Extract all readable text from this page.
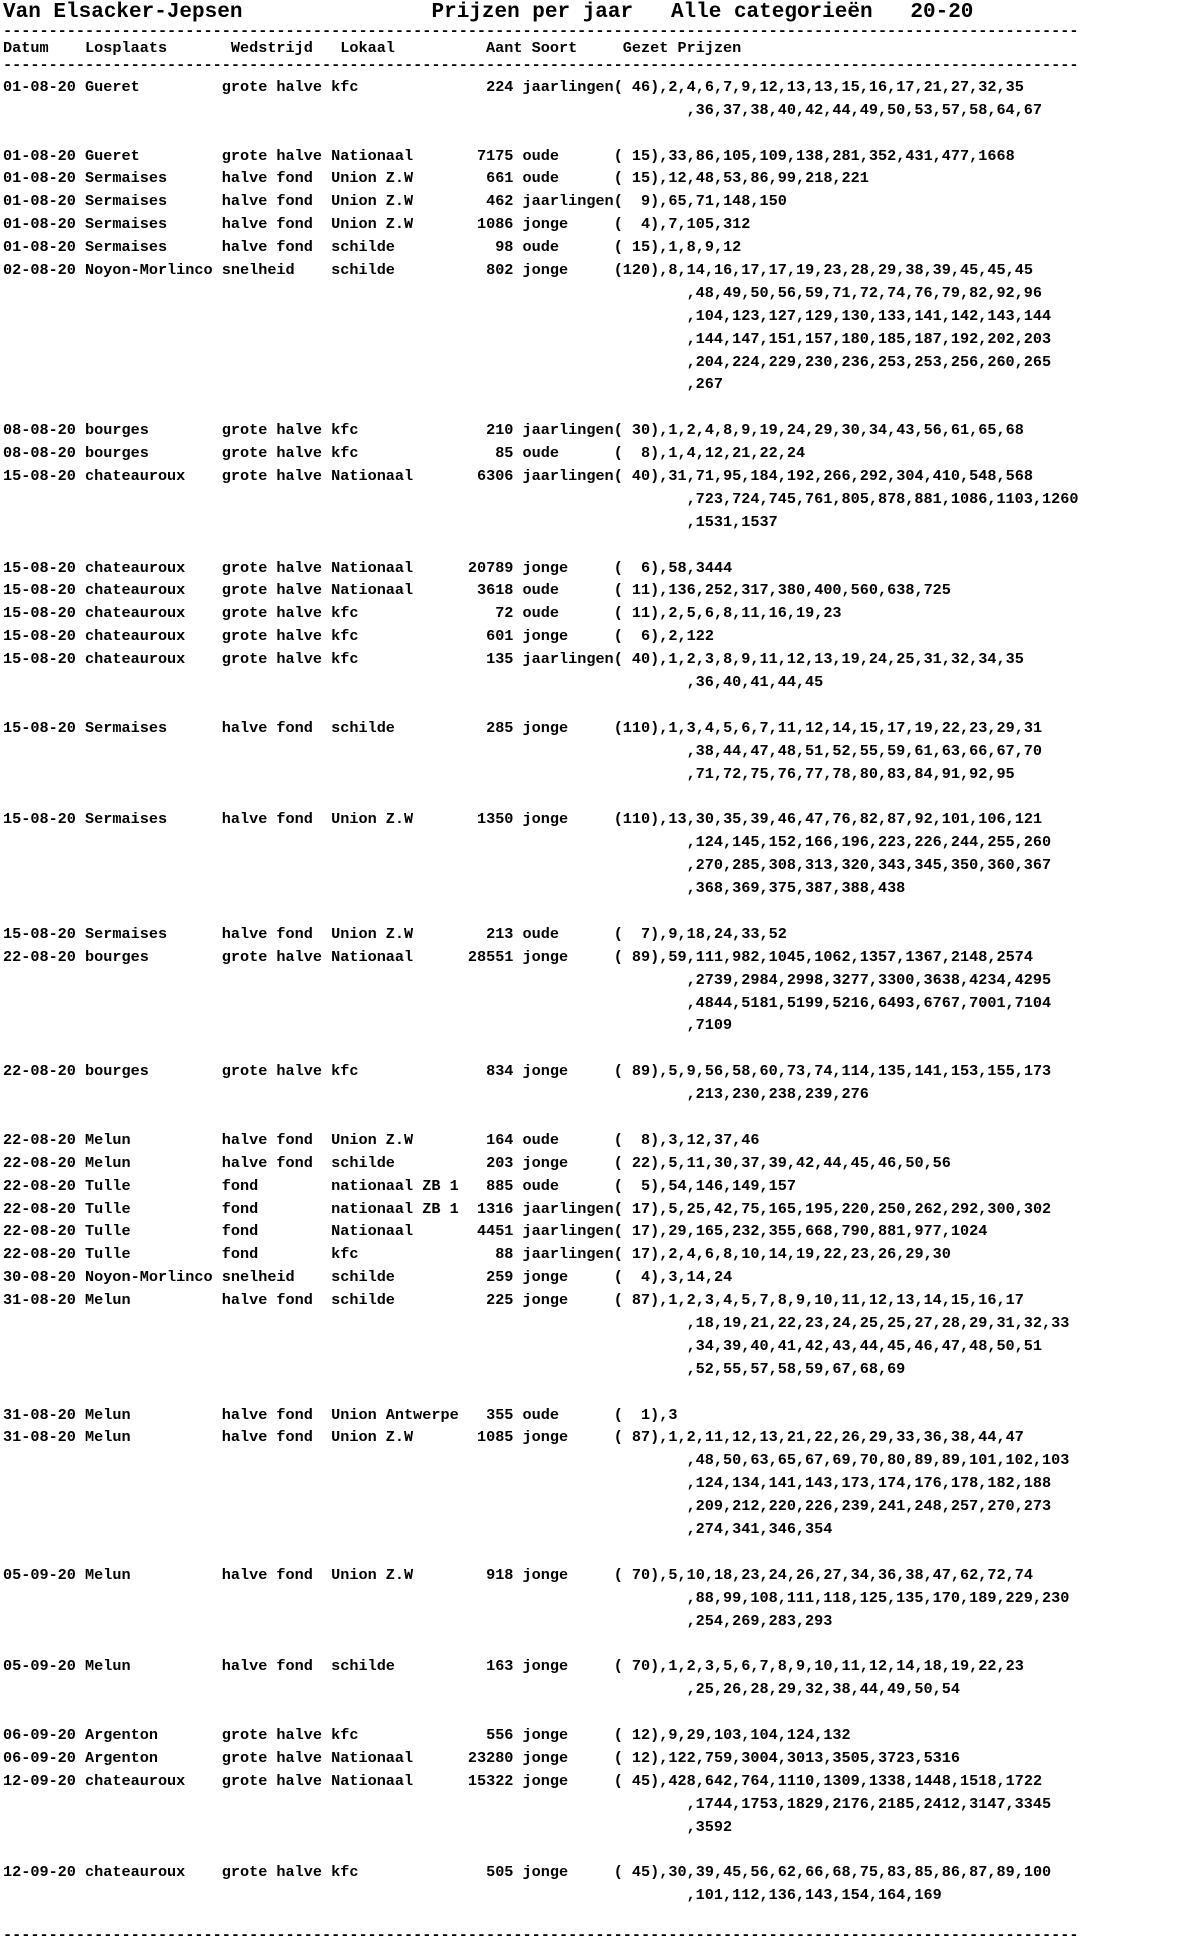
Van Elsacker-Jepsen	Prijzen per jaar Alle categorieën 20-20
----------------------------------------------------------------------------------------------------------------------
Datum    Losplaats       Wedstrijd   Lokaal          Aant Soort     Gezet Prijzen
----------------------------------------------------------------------------------------------------------------------
01-08-20 Gueret         grote halve kfc              224 jaarlingen( 46),2,4,6,7,9,12,13,13,15,16,17,21,27,32,35
,36,37,38,40,42,44,49,50,53,57,58,64,67
01-08-20 Gueret         grote halve Nationaal       7175 oude      ( 15),33,86,105,109,138,281,352,431,477,1668
01-08-20 Sermaises      halve fond  Union Z.W        661 oude      ( 15),12,48,53,86,99,218,221
01-08-20 Sermaises      halve fond  Union Z.W        462 jaarlingen(  9),65,71,148,150
01-08-20 Sermaises      halve fond  Union Z.W       1086 jonge     (  4),7,105,312
01-08-20 Sermaises      halve fond  schilde           98 oude      ( 15),1,8,9,12
02-08-20 Noyon-Morlinco snelheid    schilde          802 jonge     (120),8,14,16,17,17,19,23,28,29,38,39,45,45,45
,48,49,50,56,59,71,72,74,76,79,82,92,96
,104,123,127,129,130,133,141,142,143,144
,144,147,151,157,180,185,187,192,202,203
,204,224,229,230,236,253,253,256,260,265
,267
08-08-20 bourges        grote halve kfc              210 jaarlingen( 30),1,2,4,8,9,19,24,29,30,34,43,56,61,65,68
08-08-20 bourges        grote halve kfc               85 oude      (  8),1,4,12,21,22,24
15-08-20 chateauroux    grote halve Nationaal       6306 jaarlingen( 40),31,71,95,184,192,266,292,304,410,548,568
,723,724,745,761,805,878,881,1086,1103,1260
,1531,1537
15-08-20 chateauroux    grote halve Nationaal      20789 jonge     (  6),58,3444
15-08-20 chateauroux    grote halve Nationaal       3618 oude      ( 11),136,252,317,380,400,560,638,725
15-08-20 chateauroux    grote halve kfc               72 oude      ( 11),2,5,6,8,11,16,19,23
15-08-20 chateauroux    grote halve kfc              601 jonge     (  6),2,122
15-08-20 chateauroux    grote halve kfc              135 jaarlingen( 40),1,2,3,8,9,11,12,13,19,24,25,31,32,34,35
,36,40,41,44,45
15-08-20 Sermaises      halve fond  schilde          285 jonge     (110),1,3,4,5,6,7,11,12,14,15,17,19,22,23,29,31
,38,44,47,48,51,52,55,59,61,63,66,67,70
,71,72,75,76,77,78,80,83,84,91,92,95
15-08-20 Sermaises      halve fond  Union Z.W       1350 jonge     (110),13,30,35,39,46,47,76,82,87,92,101,106,121
,124,145,152,166,196,223,226,244,255,260
,270,285,308,313,320,343,345,350,360,367
,368,369,375,387,388,438
15-08-20 Sermaises      halve fond  Union Z.W        213 oude      (  7),9,18,24,33,52
22-08-20 bourges        grote halve Nationaal      28551 jonge     ( 89),59,111,982,1045,1062,1357,1367,2148,2574
,2739,2984,2998,3277,3300,3638,4234,4295
,4844,5181,5199,5216,6493,6767,7001,7104
,7109
22-08-20 bourges        grote halve kfc              834 jonge     ( 89),5,9,56,58,60,73,74,114,135,141,153,155,173
,213,230,238,239,276
22-08-20 Melun          halve fond  Union Z.W        164 oude      (  8),3,12,37,46
22-08-20 Melun          halve fond  schilde          203 jonge     ( 22),5,11,30,37,39,42,44,45,46,50,56
22-08-20 Tulle          fond        nationaal ZB 1   885 oude      (  5),54,146,149,157
22-08-20 Tulle          fond        nationaal ZB 1  1316 jaarlingen( 17),5,25,42,75,165,195,220,250,262,292,300,302
22-08-20 Tulle          fond        Nationaal       4451 jaarlingen( 17),29,165,232,355,668,790,881,977,1024
22-08-20 Tulle          fond        kfc               88 jaarlingen( 17),2,4,6,8,10,14,19,22,23,26,29,30
30-08-20 Noyon-Morlinco snelheid    schilde          259 jonge     (  4),3,14,24
31-08-20 Melun          halve fond  schilde          225 jonge     ( 87),1,2,3,4,5,7,8,9,10,11,12,13,14,15,16,17
,18,19,21,22,23,24,25,25,27,28,29,31,32,33
,34,39,40,41,42,43,44,45,46,47,48,50,51
,52,55,57,58,59,67,68,69
31-08-20 Melun          halve fond  Union Antwerpe   355 oude      (  1),3
31-08-20 Melun          halve fond  Union Z.W       1085 jonge     ( 87),1,2,11,12,13,21,22,26,29,33,36,38,44,47
,48,50,63,65,67,69,70,80,89,89,101,102,103
,124,134,141,143,173,174,176,178,182,188
,209,212,220,226,239,241,248,257,270,273
,274,341,346,354
05-09-20 Melun          halve fond  Union Z.W        918 jonge     ( 70),5,10,18,23,24,26,27,34,36,38,47,62,72,74
,88,99,108,111,118,125,135,170,189,229,230
,254,269,283,293
05-09-20 Melun          halve fond  schilde          163 jonge     ( 70),1,2,3,5,6,7,8,9,10,11,12,14,18,19,22,23
,25,26,28,29,32,38,44,49,50,54
06-09-20 Argenton       grote halve kfc              556 jonge     ( 12),9,29,103,104,124,132
06-09-20 Argenton       grote halve Nationaal      23280 jonge     ( 12),122,759,3004,3013,3505,3723,5316
12-09-20 chateauroux    grote halve Nationaal      15322 jonge     ( 45),428,642,764,1110,1309,1338,1448,1518,1722
,1744,1753,1829,2176,2185,2412,3147,3345
,3592
12-09-20 chateauroux    grote halve kfc              505 jonge     ( 45),30,39,45,56,62,66,68,75,83,85,86,87,89,100
,101,112,136,143,154,164,169
----------------------------------------------------------------------------------------------------------------------
